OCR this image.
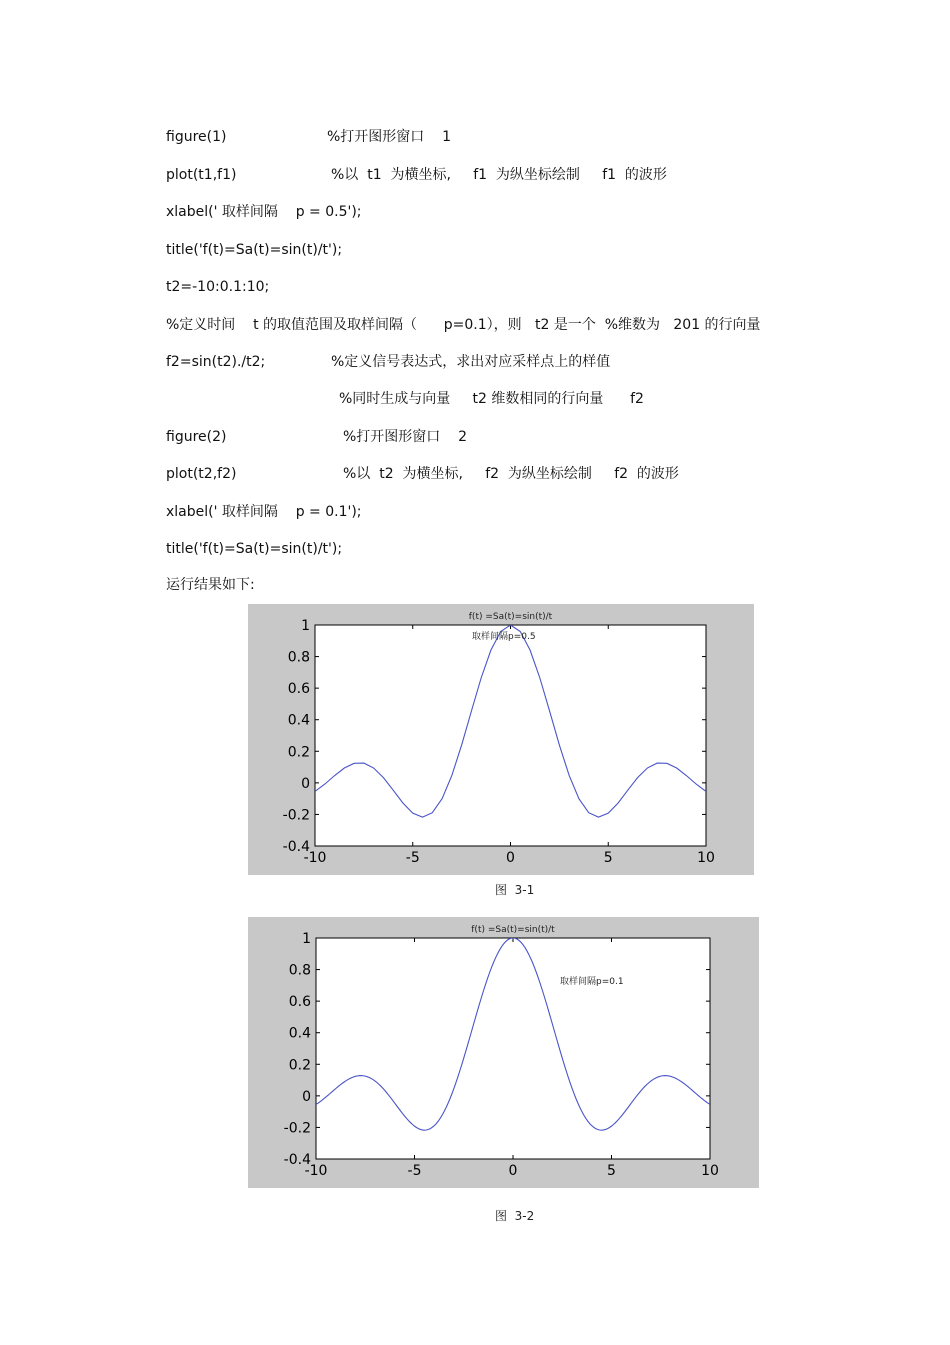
figure(1)	%打开图形窗口    1
plot(t1,f1)	%以  t1  为横坐标,     f1  为纵坐标绘制     f1  的波形
xlabel(' 取样间隔    p = 0.5');
title('f(t)=Sa(t)=sin(t)/t');
t2=-10:0.1:10;
%定义时间    t 的取值范围及取样间隔（      p=0.1），则   t2 是一个  %维数为   201 的行向量
f2=sin(t2)./t2;	%定义信号表达式，求出对应采样点上的样值
%同时生成与向量     t2 维数相同的行向量      f2
figure(2)	%打开图形窗口    2
plot(t2,f2)	%以  t2  为横坐标,     f2  为纵坐标绘制     f2  的波形
xlabel(' 取样间隔    p = 0.1');
title('f(t)=Sa(t)=sin(t)/t');
运行结果如下:
1
0.8
0.6
0.4
0.2
0
-0.2
-0.4
-10	-5	0	5	10
f(t) =Sa(t)=sin(t)/t
取样间隔p=0.5
图  3-1
1
0.8
0.6
0.4
0.2
0
-0.2
-0.4
-10	-5	0	5	10
f(t) =Sa(t)=sin(t)/t
取样间隔p=0.1
图  3-2
